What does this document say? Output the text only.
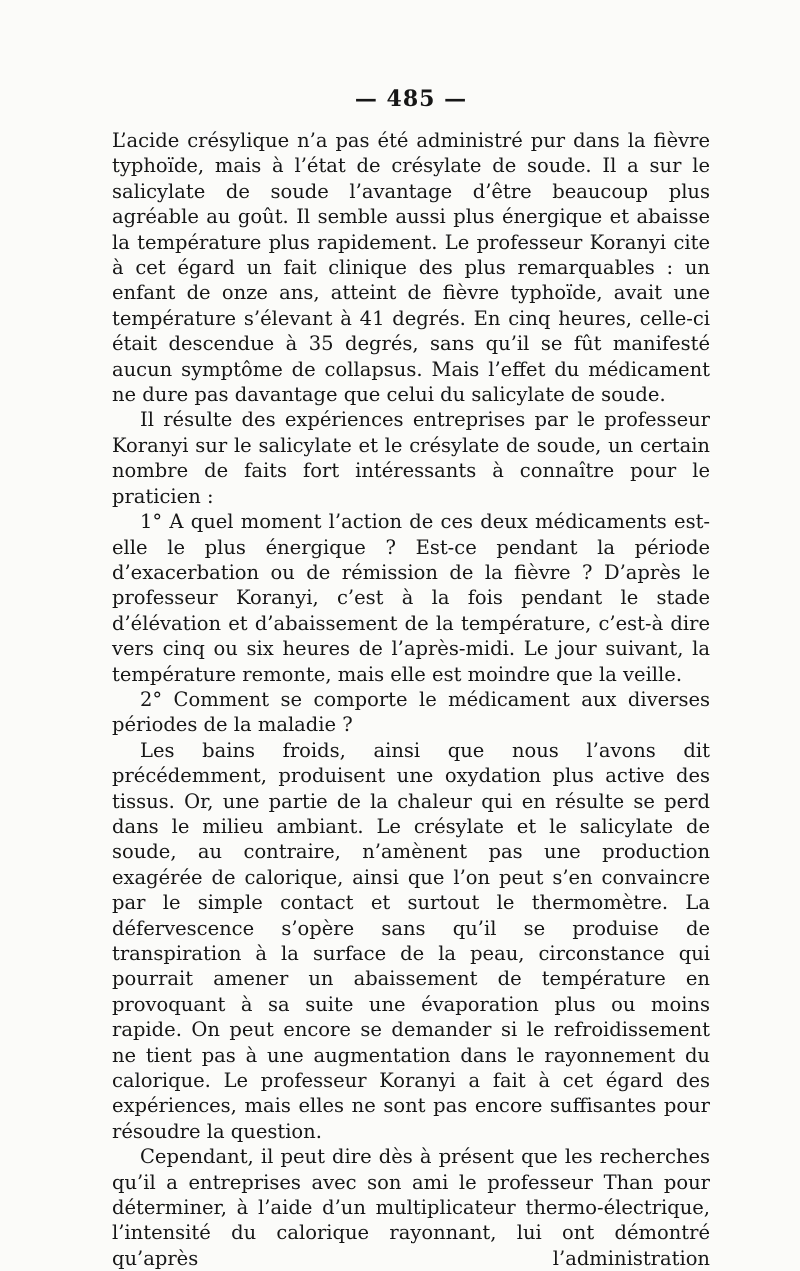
— 485 —

L’acide crésylique n’a pas été administré pur dans la fièvre typhoïde, mais à l’état de crésylate de soude. Il a sur le salicylate de soude l’avantage d’être beaucoup plus agréable au goût. Il semble aussi plus énergique et abaisse la température plus rapidement. Le professeur Koranyi cite à cet égard un fait clinique des plus remarquables : un enfant de onze ans, atteint de fièvre typhoïde, avait une température s’élevant à 41 degrés. En cinq heures, celle-ci était descendue à 35 degrés, sans qu’il se fût manifesté aucun symptôme de collapsus. Mais l’effet du médicament ne dure pas davantage que celui du salicylate de soude.

Il résulte des expériences entreprises par le professeur Koranyi sur le salicylate et le crésylate de soude, un certain nombre de faits fort intéressants à connaître pour le praticien :

1° A quel moment l’action de ces deux médicaments est-elle le plus énergique ? Est-ce pendant la période d’exacerbation ou de rémission de la fièvre ? D’après le professeur Koranyi, c’est à la fois pendant le stade d’élévation et d’abaissement de la température, c’est-à dire vers cinq ou six heures de l’après-midi. Le jour suivant, la température remonte, mais elle est moindre que la veille.

2° Comment se comporte le médicament aux diverses périodes de la maladie ?

Les bains froids, ainsi que nous l’avons dit précédemment, produisent une oxydation plus active des tissus. Or, une partie de la chaleur qui en résulte se perd dans le milieu ambiant. Le crésylate et le salicylate de soude, au contraire, n’amènent pas une production exagérée de calorique, ainsi que l’on peut s’en convaincre par le simple contact et surtout le thermomètre. La défervescence s’opère sans qu’il se produise de transpiration à la surface de la peau, circonstance qui pourrait amener un abaissement de température en provoquant à sa suite une évaporation plus ou moins rapide. On peut encore se demander si le refroidissement ne tient pas à une augmentation dans le rayonnement du calorique. Le professeur Koranyi a fait à cet égard des expériences, mais elles ne sont pas encore suffisantes pour résoudre la question.

Cependant, il peut dire dès à présent que les recherches qu’il a entreprises avec son ami le professeur Than pour déterminer, à l’aide d’un multiplicateur thermo-électrique, l’intensité du calorique rayonnant, lui ont démontré qu’après l’administration
